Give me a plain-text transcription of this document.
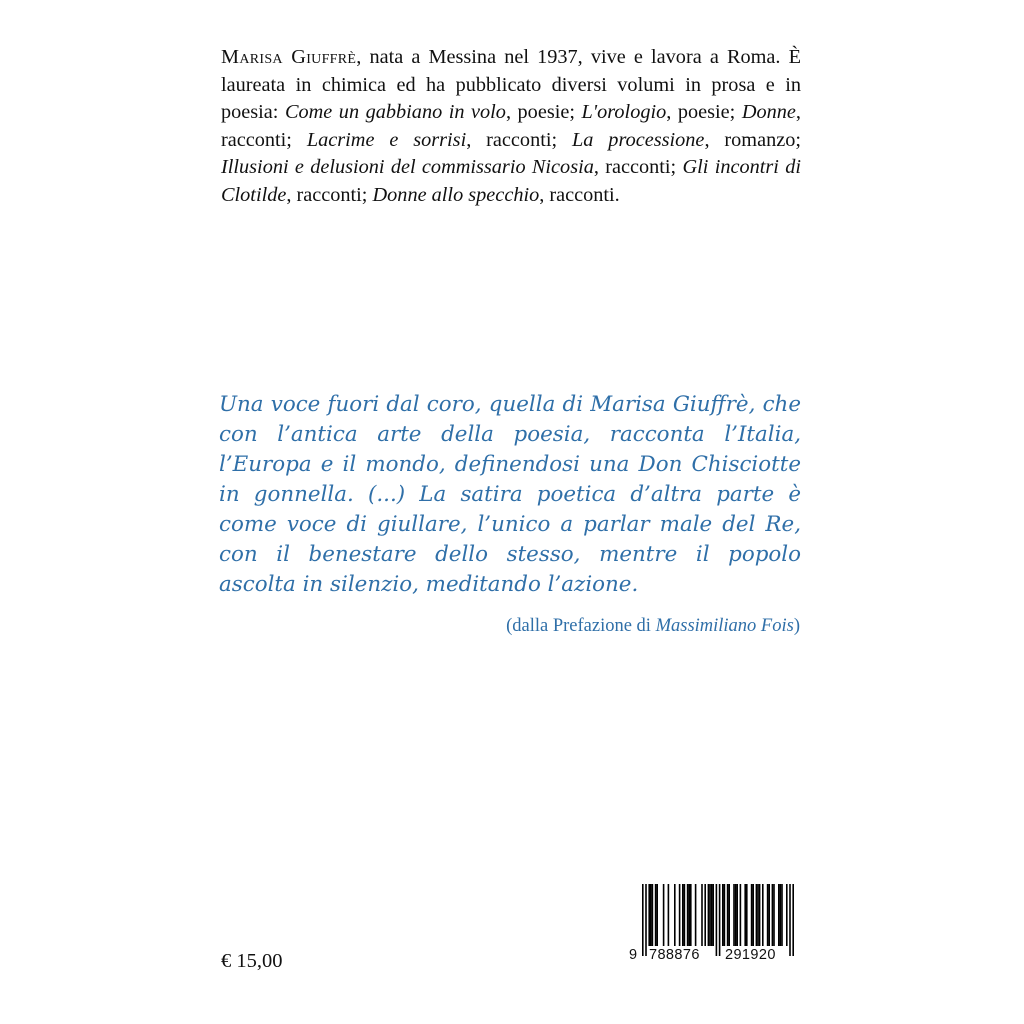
Marisa Giuffrè, nata a Messina nel 1937, vive e lavora a Roma. È laureata in chimica ed ha pubblicato diversi volumi in prosa e in poesia: Come un gabbiano in volo, poesie; L'orologio, poesie; Donne, racconti; Lacrime e sorrisi, racconti; La processione, romanzo; Illusioni e delusioni del commissario Nicosia, racconti; Gli incontri di Clotilde, racconti; Donne allo specchio, racconti.
Una voce fuori dal coro, quella di Marisa Giuffrè, che con l’antica arte della poesia, racconta l’Italia, l’Europa e il mondo, definendosi una Don Chisciotte in gonnella. (...) La satira poetica d’altra parte è come voce di giullare, l’unico a parlar male del Re, con il benestare dello stesso, mentre il popolo ascolta in silenzio, meditando l’azione.
(dalla Prefazione di Massimiliano Fois)
€ 15,00	9 788876 291920
